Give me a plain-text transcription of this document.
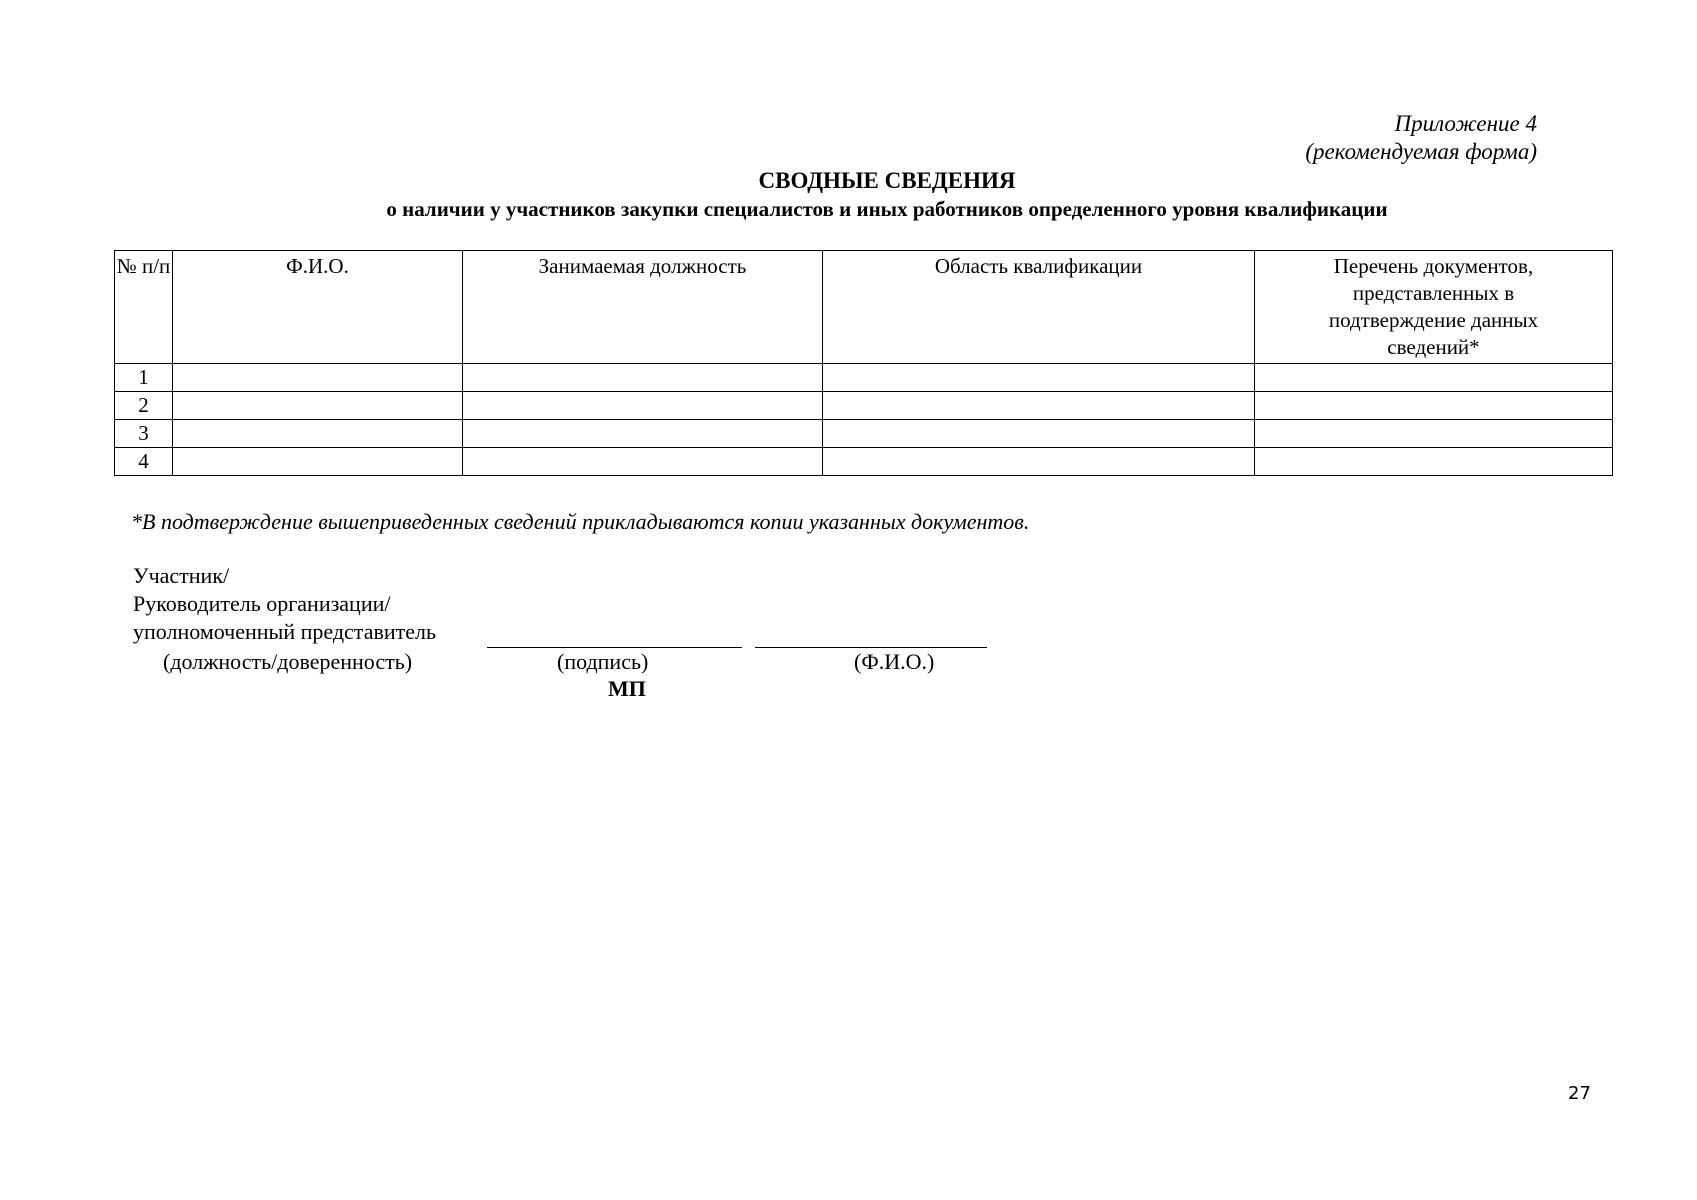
Приложение 4
(рекомендуемая форма)
СВОДНЫЕ СВЕДЕНИЯ
о наличии у участников закупки специалистов и иных работников определенного уровня квалификации
№ п/п	Ф.И.О.	Занимаемая должность	Область квалификации	Перечень документов, представленных в подтверждение данных сведений*
1				
2				
3				
4				
*В подтверждение вышеприведенных сведений прикладываются копии указанных документов.
Участник/
Руководитель организации/
уполномоченный представитель
(должность/доверенность)	(подпись)	(Ф.И.О.)
МП
27
